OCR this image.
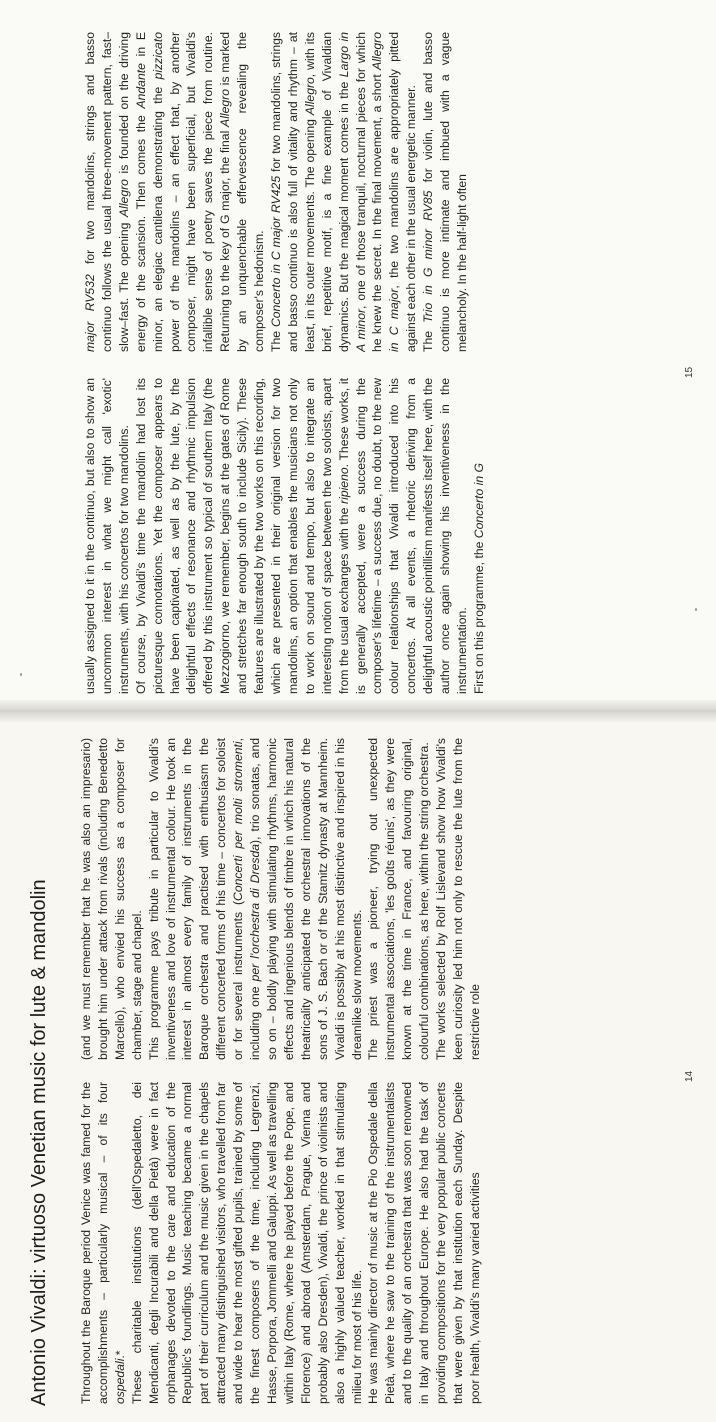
Antonio Vivaldi: virtuoso Venetian music for lute & mandolin Throughout the Baroque period Venice was famed for the accomplishments – particularly musical – of its four ospedali.* These charitable institutions (dell'Ospedaletto, dei Mendicanti, degli Incurabili and della Pietà) were in fact orphanages devoted to the care and education of the Republic's foundlings. Music teaching became a normal part of their curriculum and the music given in the chapels attracted many distinguished visitors, who travelled from far and wide to hear the most gifted pupils, trained by some of the finest composers of the time, including Legrenzi, Hasse, Porpora, Jommelli and Galuppi. As well as travelling within Italy (Rome, where he played before the Pope, and Florence) and abroad (Amsterdam, Prague, Vienna and probably also Dresden), Vivaldi, the prince of violinists and also a highly valued teacher, worked in that stimulating milieu for most of his life. He was mainly director of music at the Pio Ospedale della Pietà, where he saw to the training of the instrumentalists and to the quality of an orchestra that was soon renowned in Italy and throughout Europe. He also had the task of providing compositions for the very popular public concerts that were given by that institution each Sunday. Despite poor health, Vivaldi's many varied activities

(and we must remember that he was also an impresario) brought him under attack from rivals (including Benedetto Marcello), who envied his success as a composer for chamber, stage and chapel. This programme pays tribute in particular to Vivaldi's inventiveness and love of instrumental colour. He took an interest in almost every family of instruments in the Baroque orchestra and practised with enthusiasm the different concerted forms of his time – concertos for soloist or for several instruments (Concerti per molti stromenti, including one per l'orchestra di Dresda), trio sonatas, and so on – boldly playing with stimulating rhythms, harmonic effects and ingenious blends of timbre in which his natural theatricality anticipated the orchestral innovations of the sons of J. S. Bach or of the Stamitz dynasty at Mannheim. Vivaldi is possibly at his most distinctive and inspired in his dreamlike slow movements. The priest was a pioneer, trying out unexpected instrumental associations, 'les goûts réunis', as they were known at the time in France, and favouring original, colourful combinations, as here, within the string orchestra. The works selected by Rolf Lislevand show how Vivaldi's keen curiosity led him not only to rescue the lute from the restrictive role

14

usually assigned to it in the continuo, but also to show an uncommon interest in what we might call 'exotic' instruments, with his concertos for two mandolins. Of course, by Vivaldi's time the mandolin had lost its picturesque connotations. Yet the composer appears to have been captivated, as well as by the lute, by the delightful effects of resonance and rhythmic impulsion offered by this instrument so typical of southern Italy (the Mezzogiorno, we remember, begins at the gates of Rome and stretches far enough south to include Sicily). These features are illustrated by the two works on this recording, which are presented in their original version for two mandolins, an option that enables the musicians not only to work on sound and tempo, but also to integrate an interesting notion of space between the two soloists, apart from the usual exchanges with the ripieno. These works, it is generally accepted, were a success during the composer's lifetime – a success due, no doubt, to the new colour relationships that Vivaldi introduced into his concertos. At all events, a rhetoric deriving from a delightful acoustic pointillism manifests itself here, with the author once again showing his inventiveness in the instrumentation. First on this programme, the Concerto in G

major RV532 for two mandolins, strings and basso continuo follows the usual three-movement pattern, fast–slow–fast. The opening Allegro is founded on the driving energy of the scansion. Then comes the Andante in E minor, an elegiac cantilena demonstrating the pizzicato power of the mandolins – an effect that, by another composer, might have been superficial, but Vivaldi's infallible sense of poetry saves the piece from routine. Returning to the key of G major, the final Allegro is marked by an unquenchable effervescence revealing the composer's hedonism. The Concerto in C major RV425 for two mandolins, strings and basso continuo is also full of vitality and rhythm – at least, in its outer movements. The opening Allegro, with its brief, repetitive motif, is a fine example of Vivaldian dynamics. But the magical moment comes in the Largo in A minor, one of those tranquil, nocturnal pieces for which he knew the secret. In the final movement, a short Allegro in C major, the two mandolins are appropriately pitted against each other in the usual energetic manner. The Trio in G minor RV85 for violin, lute and basso continuo is more intimate and imbued with a vague melancholy. In the half-light often

15
